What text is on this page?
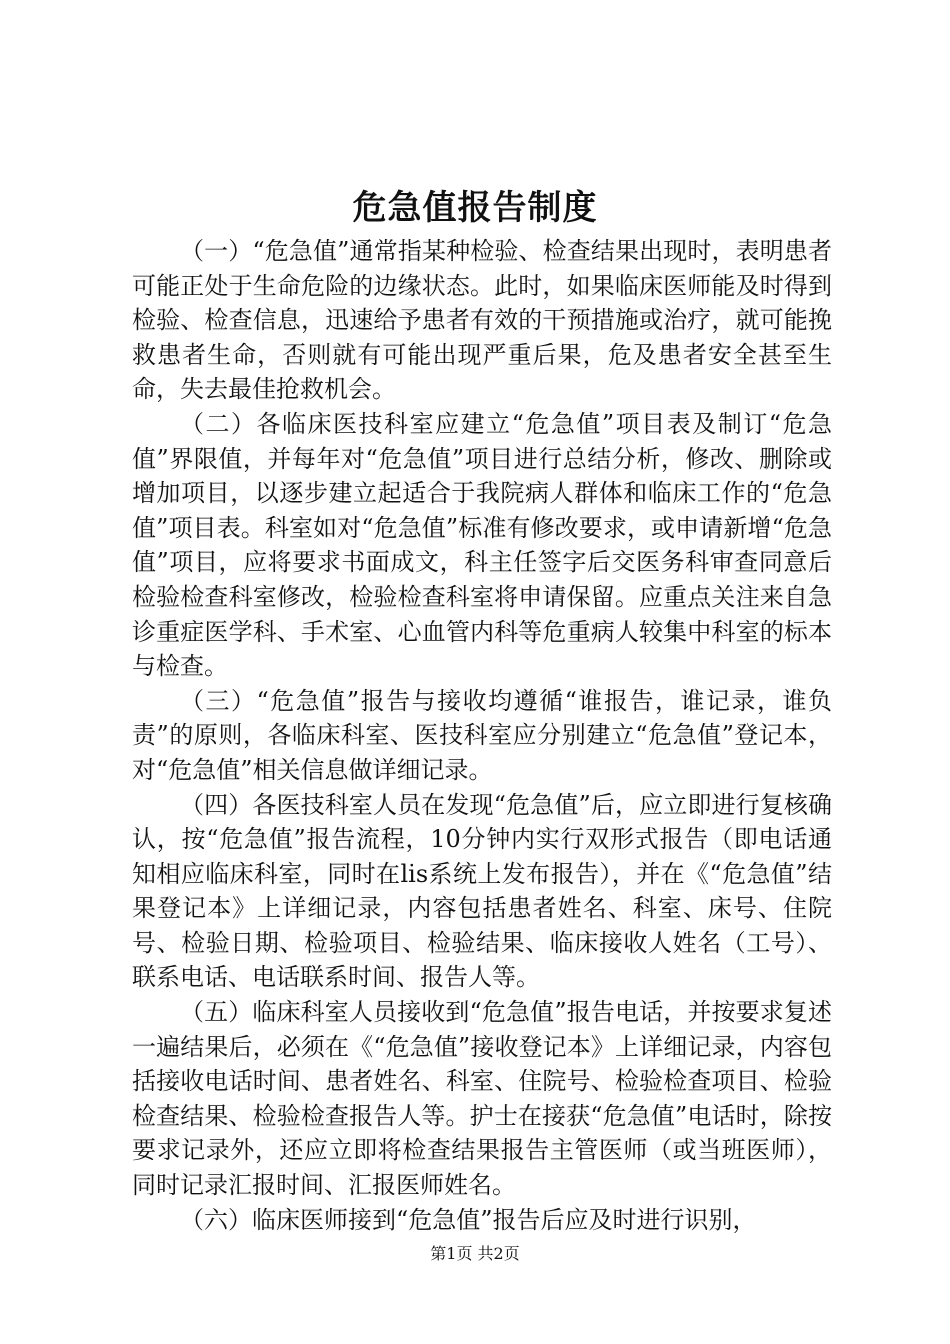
危急值报告制度

（一）“危急值”通常指某种检验、检查结果出现时，表明患者可能正处于生命危险的边缘状态。此时，如果临床医师能及时得到检验、检查信息，迅速给予患者有效的干预措施或治疗，就可能挽救患者生命，否则就有可能出现严重后果，危及患者安全甚至生命，失去最佳抢救机会。

（二）各临床医技科室应建立“危急值”项目表及制订“危急值”界限值，并每年对“危急值”项目进行总结分析，修改、删除或增加项目，以逐步建立起适合于我院病人群体和临床工作的“危急值”项目表。科室如对“危急值”标准有修改要求，或申请新增“危急值”项目，应将要求书面成文，科主任签字后交医务科审查同意后检验检查科室修改，检验检查科室将申请保留。应重点关注来自急诊重症医学科、手术室、心血管内科等危重病人较集中科室的标本与检查。

（三）“危急值”报告与接收均遵循“谁报告，谁记录，谁负责”的原则，各临床科室、医技科室应分别建立“危急值”登记本，对“危急值”相关信息做详细记录。

（四）各医技科室人员在发现“危急值”后，应立即进行复核确认，按“危急值”报告流程，10分钟内实行双形式报告（即电话通知相应临床科室，同时在lis系统上发布报告），并在《“危急值”结果登记本》上详细记录，内容包括患者姓名、科室、床号、住院号、检验日期、检验项目、检验结果、临床接收人姓名（工号）、联系电话、电话联系时间、报告人等。

（五）临床科室人员接收到“危急值”报告电话，并按要求复述一遍结果后，必须在《“危急值”接收登记本》上详细记录，内容包括接收电话时间、患者姓名、科室、住院号、检验检查项目、检验检查结果、检验检查报告人等。护士在接获“危急值”电话时，除按要求记录外，还应立即将检查结果报告主管医师（或当班医师），同时记录汇报时间、汇报医师姓名。

（六）临床医师接到“危急值”报告后应及时进行识别，

第1页 共2页
